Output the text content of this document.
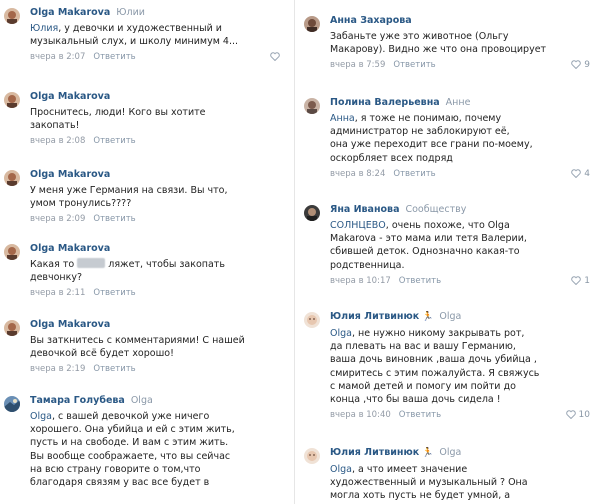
Olga Makarova Юлии
Юлия, у девочки и художественный и
музыкальный слух, и школу минимум 4...
вчера в 2:07 Ответить
Olga Makarova
Проснитесь, люди! Кого вы хотите
закопать!
вчера в 2:08 Ответить
Olga Makarova
У меня уже Германия на связи. Вы что,
умом тронулись????
вчера в 2:09 Ответить
Olga Makarova
Какая то	ляжет, чтобы закопать
девчонку?
вчера в 2:11 Ответить
Olga Makarova
Вы заткнитесь с комментариями! С нашей
девочкой всё будет хорошо!
вчера в 2:19 Ответить
Тамара Голубева Olga
Olga, с вашей девочкой уже ничего
хорошего. Она убийца и ей с этим жить,
пусть и на свободе. И вам с этим жить.
Вы вообще соображаете, что вы сейчас
на всю страну говорите о том,что
благодаря связям у вас все будет в
Анна Захарова
Забаньте уже это животное (Ольгу
Макарову). Видно же что она провоцирует
вчера в 7:59 Ответить	9
Полина Валерьевна Анне
Анна, я тоже не понимаю, почему
администратор не заблокируют её,
она уже переходит все грани по-моему,
оскорбляет всех подряд
вчера в 8:24 Ответить	4
Яна Иванова Сообществу
СОЛНЦЕВО, очень похоже, что Olga
Makarova - это мама или тетя Валерии,
сбившей деток. Однозначно какая-то
родственница.
вчера в 10:17 Ответить	1
Юлия Литвинюк 🏃 Olga
Olga, не нужно никому закрывать рот,
да плевать на вас и вашу Германию,
ваша дочь виновник ,ваша дочь убийца ,
смиритесь с этим пожалуйста. Я свяжусь
с мамой детей и помогу им пойти до
конца ,что бы ваша дочь сидела !
вчера в 10:40 Ответить	10
Юлия Литвинюк 🏃 Olga
Olga, а что имеет значение
художественный и музыкальный ? Она
могла хоть пусть не будет умной, а
